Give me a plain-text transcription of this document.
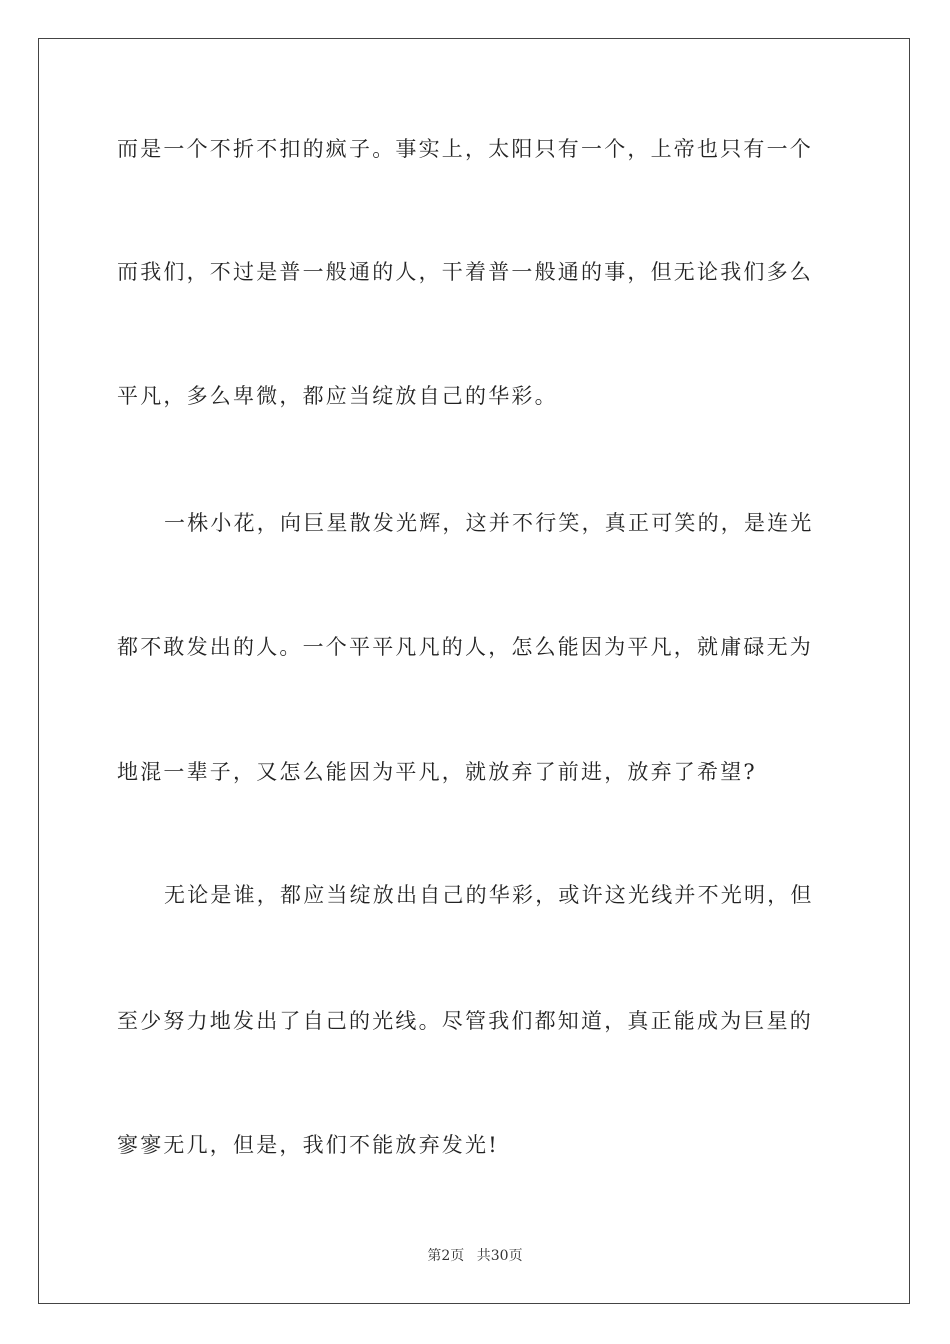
而是一个不折不扣的疯子。事实上，太阳只有一个，上帝也只有一个
而我们，不过是普一般通的人，干着普一般通的事，但无论我们多么
平凡，多么卑微，都应当绽放自己的华彩。
一株小花，向巨星散发光辉，这并不行笑，真正可笑的，是连光
都不敢发出的人。一个平平凡凡的人，怎么能因为平凡，就庸碌无为
地混一辈子，又怎么能因为平凡，就放弃了前进，放弃了希望?
无论是谁，都应当绽放出自己的华彩，或许这光线并不光明，但
至少努力地发出了自己的光线。尽管我们都知道，真正能成为巨星的
寥寥无几，但是，我们不能放弃发光!
第2页 共30页
